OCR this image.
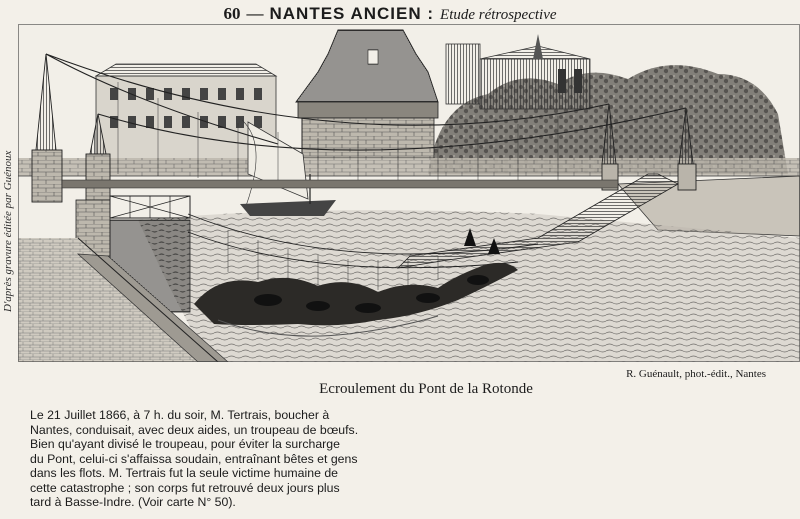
60 — NANTES ANCIEN : Etude rétrospective
D'après gravure éditée par Guénoux
Ecroulement du Pont de la Rotonde
R. Guénault, phot.-édit., Nantes

Le 21 Juillet 1866, à 7 h. du soir, M. Tertrais, boucher à
Nantes, conduisait, avec deux aides, un troupeau de bœufs.
Bien qu'ayant divisé le troupeau, pour éviter la surcharge
du Pont, celui-ci s'affaissa soudain, entraînant bêtes et gens
dans les flots. M. Tertrais fut la seule victime humaine de
cette catastrophe ; son corps fut retrouvé deux jours plus
tard à Basse-Indre. (Voir carte N° 50).
